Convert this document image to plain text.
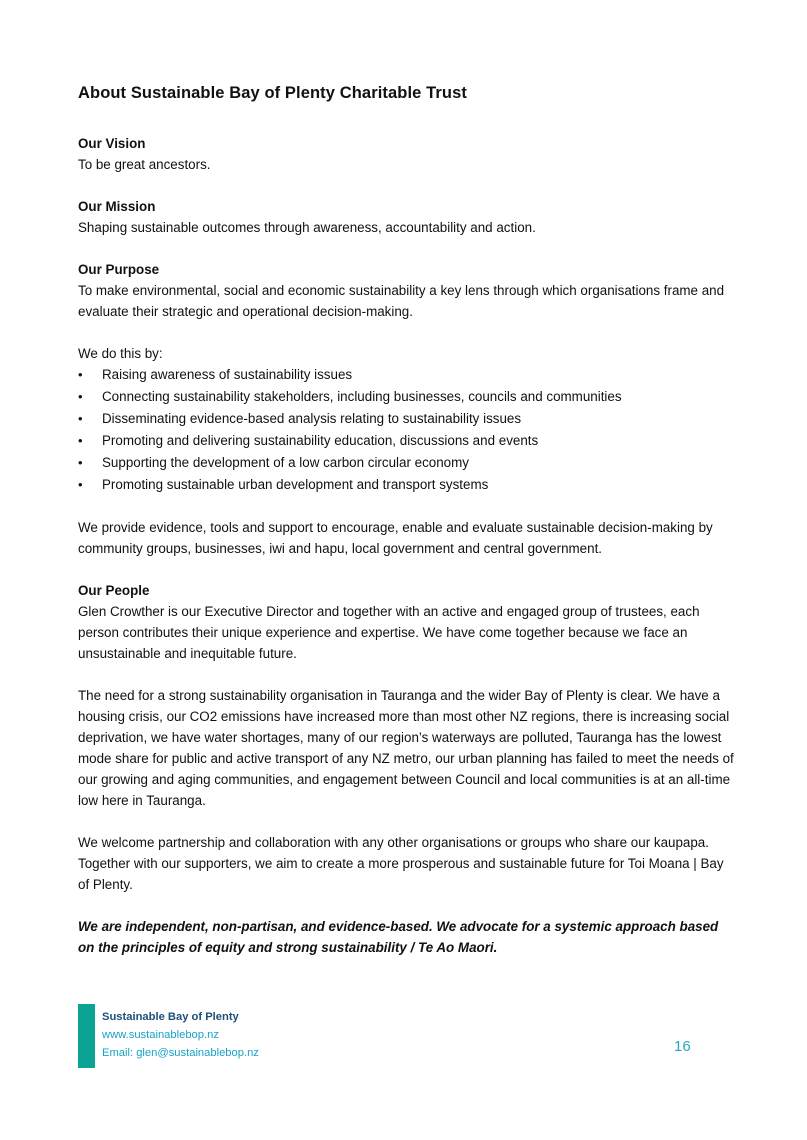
About Sustainable Bay of Plenty Charitable Trust

Our Vision

To be great ancestors.

Our Mission

Shaping sustainable outcomes through awareness, accountability and action.

Our Purpose

To make environmental, social and economic sustainability a key lens through which organisations frame and evaluate their strategic and operational decision-making.

We do this by:

• Raising awareness of sustainability issues
• Connecting sustainability stakeholders, including businesses, councils and communities
• Disseminating evidence-based analysis relating to sustainability issues
• Promoting and delivering sustainability education, discussions and events
• Supporting the development of a low carbon circular economy
• Promoting sustainable urban development and transport systems

We provide evidence, tools and support to encourage, enable and evaluate sustainable decision-making by community groups, businesses, iwi and hapu, local government and central government.

Our People

Glen Crowther is our Executive Director and together with an active and engaged group of trustees, each person contributes their unique experience and expertise. We have come together because we face an unsustainable and inequitable future.

The need for a strong sustainability organisation in Tauranga and the wider Bay of Plenty is clear. We have a housing crisis, our CO2 emissions have increased more than most other NZ regions, there is increasing social deprivation, we have water shortages, many of our region’s waterways are polluted, Tauranga has the lowest mode share for public and active transport of any NZ metro, our urban planning has failed to meet the needs of our growing and aging communities, and engagement between Council and local communities is at an all-time low here in Tauranga.

We welcome partnership and collaboration with any other organisations or groups who share our kaupapa. Together with our supporters, we aim to create a more prosperous and sustainable future for Toi Moana | Bay of Plenty.

We are independent, non-partisan, and evidence-based. We advocate for a systemic approach based on the principles of equity and strong sustainability / Te Ao Maori.

Sustainable Bay of Plenty
www.sustainablebop.nz
Email: glen@sustainablebop.nz	16
